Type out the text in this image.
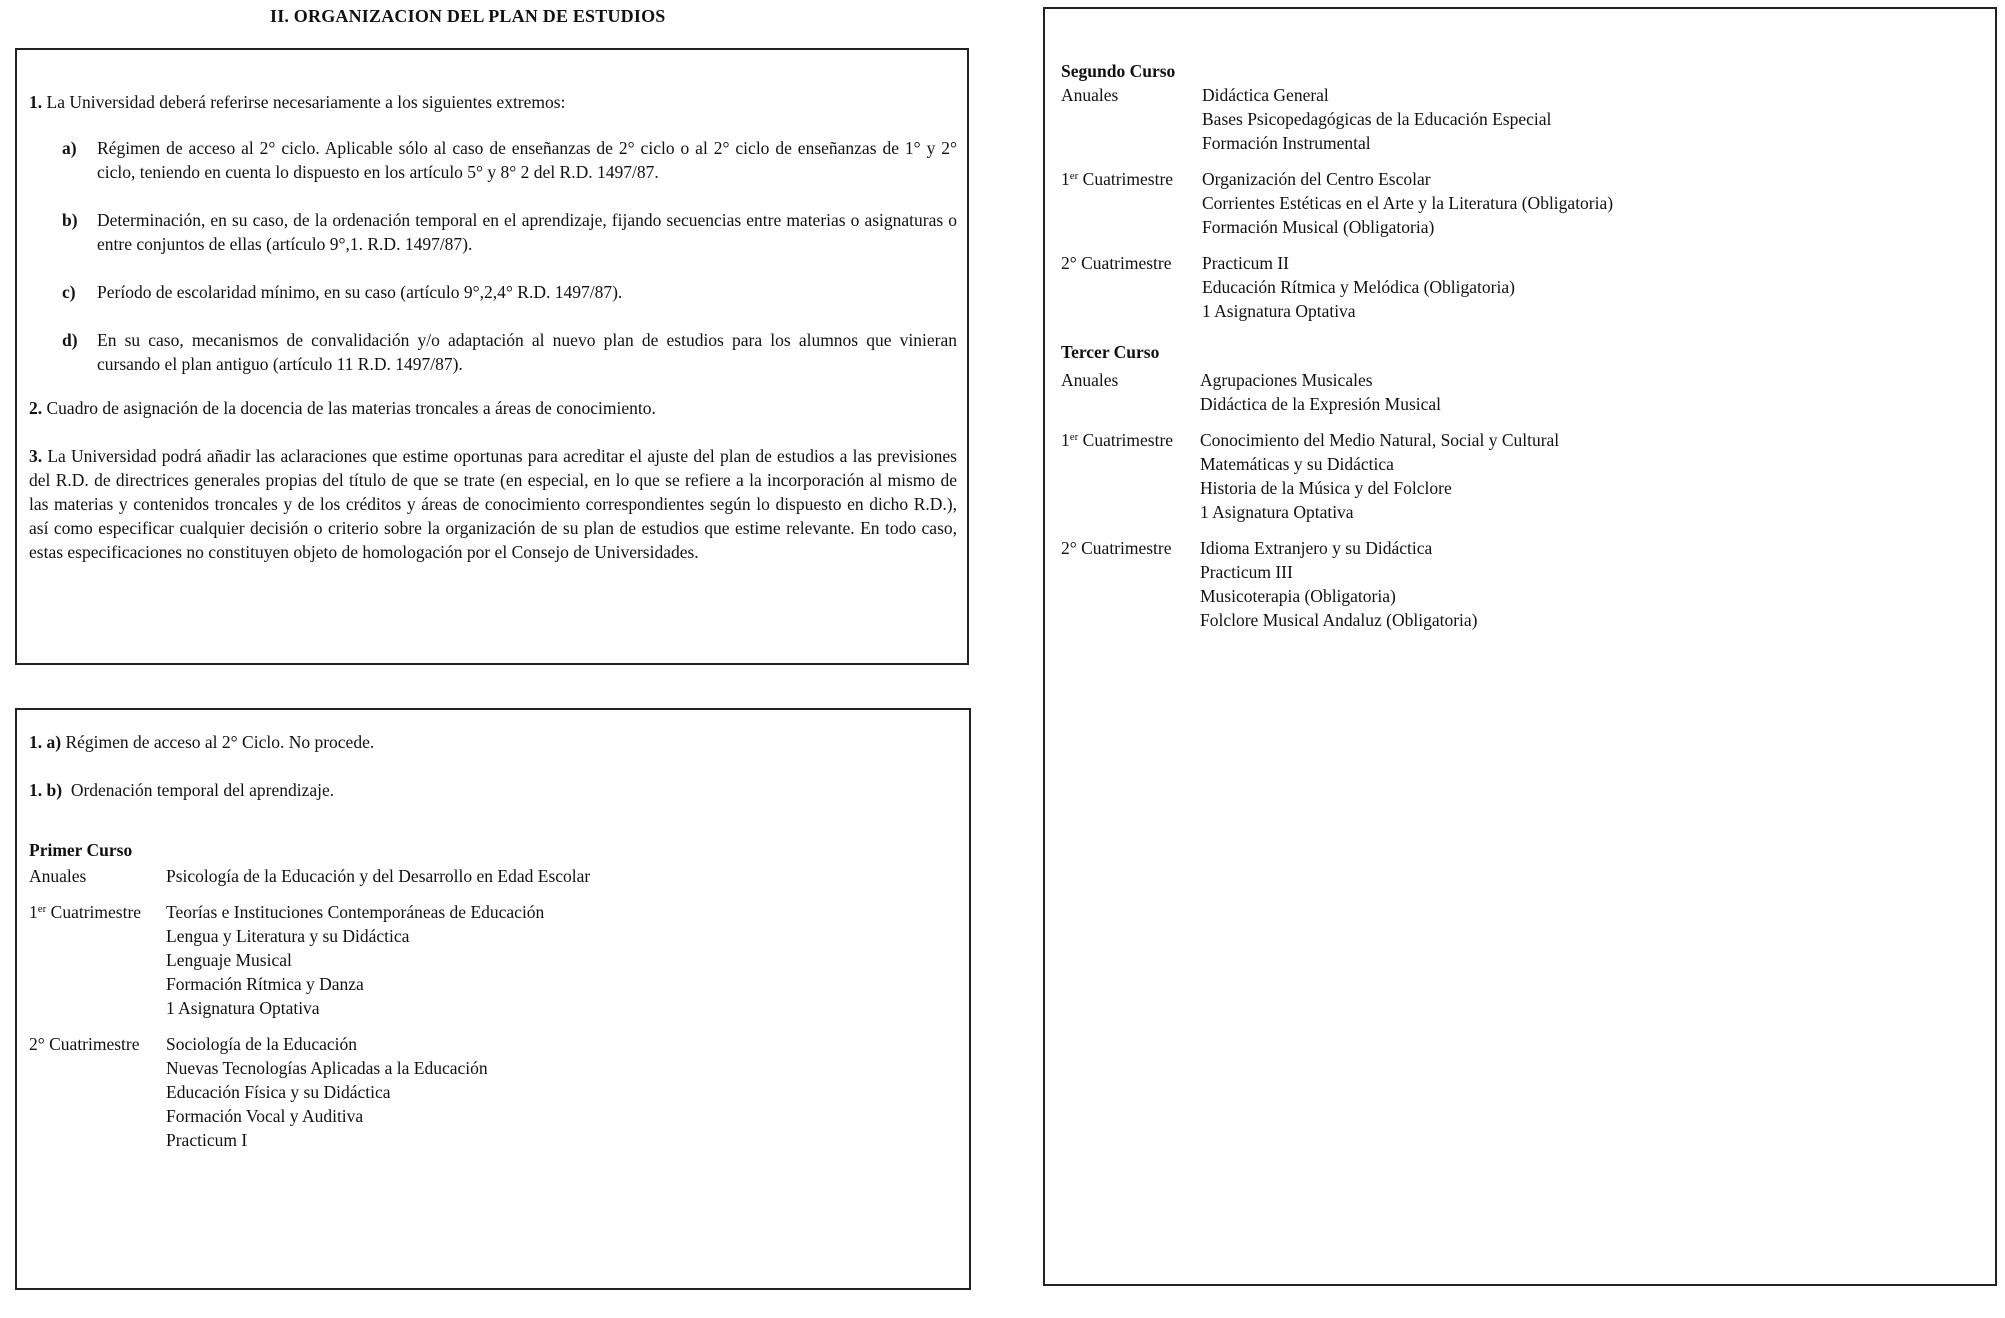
II. ORGANIZACION DEL PLAN DE ESTUDIOS

1. La Universidad deberá referirse necesariamente a los siguientes extremos:

a)	Régimen de acceso al 2° ciclo. Aplicable sólo al caso de enseñanzas de 2° ciclo o al 2° ciclo de enseñanzas de 1° y 2° ciclo, teniendo en cuenta lo dispuesto en los artículo 5° y 8° 2 del R.D. 1497/87.
b)	Determinación, en su caso, de la ordenación temporal en el aprendizaje, fijando secuencias entre materias o asignaturas o entre conjuntos de ellas (artículo 9°,1. R.D. 1497/87).
c)	Período de escolaridad mínimo, en su caso (artículo 9°,2,4° R.D. 1497/87).
d)	En su caso, mecanismos de convalidación y/o adaptación al nuevo plan de estudios para los alumnos que vinieran cursando el plan antiguo (artículo 11 R.D. 1497/87).

2. Cuadro de asignación de la docencia de las materias troncales a áreas de conocimiento.

3. La Universidad podrá añadir las aclaraciones que estime oportunas para acreditar el ajuste del plan de estudios a las previsiones del R.D. de directrices generales propias del título de que se trate (en especial, en lo que se refiere a la incorporación al mismo de las materias y contenidos troncales y de los créditos y áreas de conocimiento correspondientes según lo dispuesto en dicho R.D.), así como especificar cualquier decisión o criterio sobre la organización de su plan de estudios que estime relevante. En todo caso, estas especificaciones no constituyen objeto de homologación por el Consejo de Universidades.

1. a) Régimen de acceso al 2° Ciclo. No procede.

1. b) Ordenación temporal del aprendizaje.

Primer Curso

Anuales	Psicología de la Educación y del Desarrollo en Edad Escolar

1er Cuatrimestre	Teorías e Instituciones Contemporáneas de Educación

Lengua y Literatura y su Didáctica

Lenguaje Musical

Formación Rítmica y Danza

1 Asignatura Optativa

2° Cuatrimestre	Sociología de la Educación

Nuevas Tecnologías Aplicadas a la Educación

Educación Física y su Didáctica

Formación Vocal y Auditiva

Practicum I

Segundo Curso

Anuales	Didáctica General

Bases Psicopedagógicas de la Educación Especial

Formación Instrumental

1er Cuatrimestre	Organización del Centro Escolar

Corrientes Estéticas en el Arte y la Literatura (Obligatoria)

Formación Musical (Obligatoria)

2° Cuatrimestre	Practicum II

Educación Rítmica y Melódica (Obligatoria)

1 Asignatura Optativa

Tercer Curso

Anuales	Agrupaciones Musicales

Didáctica de la Expresión Musical

1er Cuatrimestre	Conocimiento del Medio Natural, Social y Cultural

Matemáticas y su Didáctica

Historia de la Música y del Folclore

1 Asignatura Optativa

2° Cuatrimestre	Idioma Extranjero y su Didáctica

Practicum III

Musicoterapia (Obligatoria)

Folclore Musical Andaluz (Obligatoria)
